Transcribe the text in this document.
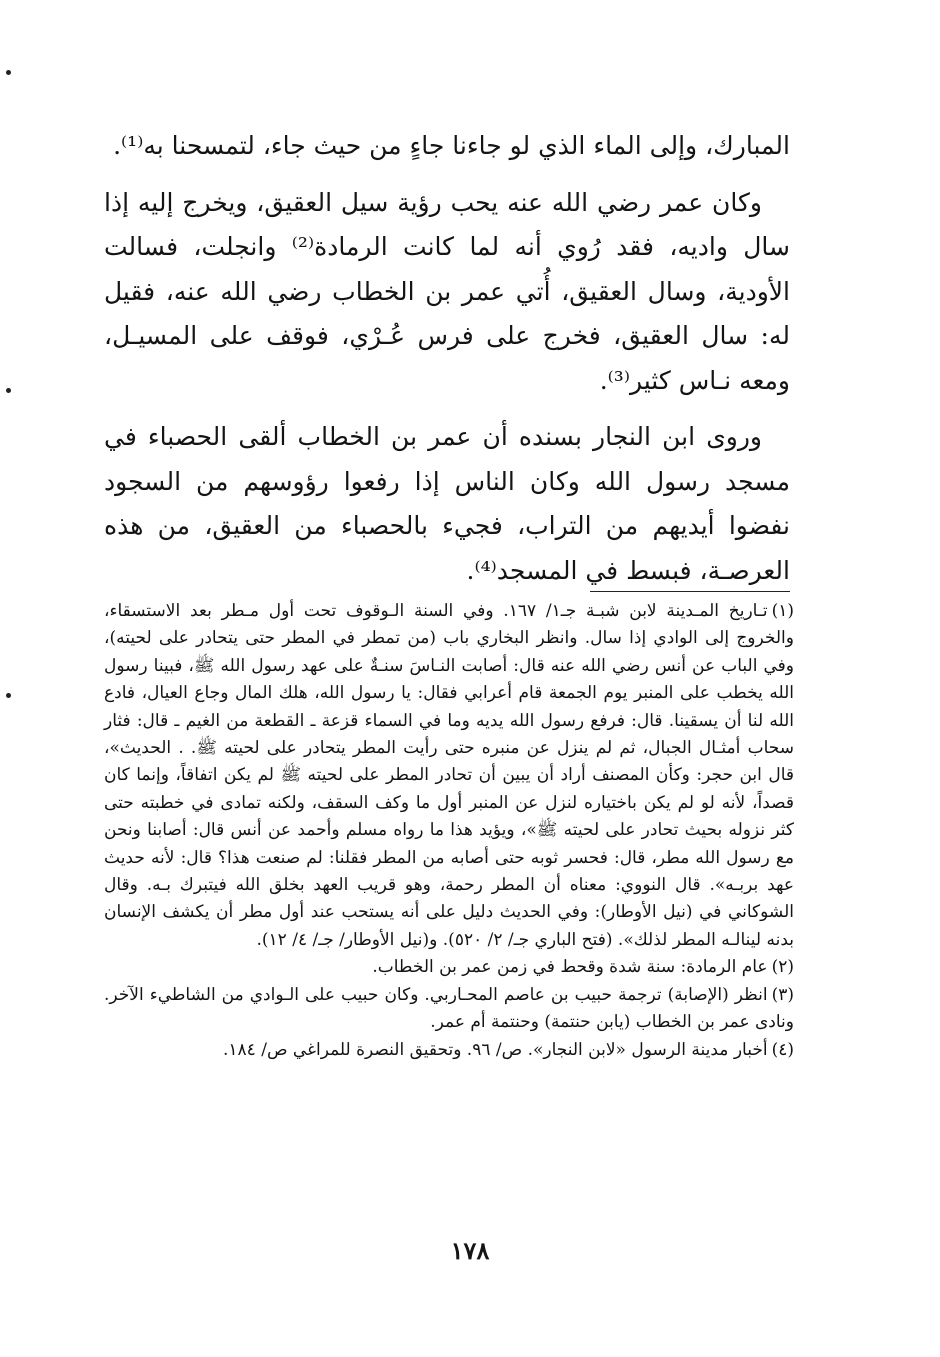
المبارك، وإلى الماء الذي لو جاءنا جاءٍ من حيث جاء، لتمسحنا به⁽¹⁾.

وكان عمر رضي الله عنه يحب رؤية سيل العقيق، ويخرج إليه إذا سال واديه، فقد رُوي أنه لما كانت الرمادة⁽²⁾ وانجلت، فسالت الأودية، وسال العقيق، أُتي عمر بن الخطاب رضي الله عنه، فقيل له: سال العقيق، فخرج على فرس عُـرْي، فوقف على المسيـل، ومعه نـاس كثير⁽³⁾.

وروى ابن النجار بسنده أن عمر بن الخطاب ألقى الحصباء في مسجد رسول الله وكان الناس إذا رفعوا رؤوسهم من السجود نفضوا أيديهم من التراب، فجيء بالحصباء من العقيق، من هذه العرصـة، فبسط في المسجد⁽⁴⁾.

(١)تـاريخ المـدينة لابن شبـة جـ١/ ١٦٧. وفي السنة الـوقوف تحت أول مـطر بعد الاستسقاء، والخروج إلى الوادي إذا سال. وانظر البخاري باب (من تمطر في المطر حتى يتحادر على لحيته)، وفي الباب عن أنس رضي الله عنه قال: أصابت النـاسَ سنـةٌ على عهد رسول الله ﷺ، فبينا رسول الله يخطب على المنبر يوم الجمعة قام أعرابي فقال: يا رسول الله، هلك المال وجاع العيال، فادع الله لنا أن يسقينا. قال: فرفع رسول الله يديه وما في السماء قزعة ـ القطعة من الغيم ـ قال: فثار سحاب أمثـال الجبال، ثم لم ينزل عن منبره حتى رأيت المطر يتحادر على لحيته ﷺ. . الحديث»، قال ابن حجر: وكأن المصنف أراد أن يبين أن تحادر المطر على لحيته ﷺ لم يكن اتفاقاً، وإنما كان قصداً، لأنه لو لم يكن باختياره لنزل عن المنبر أول ما وكف السقف، ولكنه تمادى في خطبته حتى كثر نزوله بحيث تحادر على لحيته ﷺ»، ويؤيد هذا ما رواه مسلم وأحمد عن أنس قال: أصابنا ونحن مع رسول الله مطر، قال: فحسر ثوبه حتى أصابه من المطر فقلنا: لم صنعت هذا؟ قال: لأنه حديث عهد بربـه». قال النووي: معناه أن المطر رحمة، وهو قريب العهد بخلق الله فيتبرك بـه. وقال الشوكاني في (نيل الأوطار): وفي الحديث دليل على أنه يستحب عند أول مطر أن يكشف الإنسان بدنه لينالـه المطر لذلك». (فتح الباري جـ/ ٢/ ٥٢٠). و(نيل الأوطار/ جـ/ ٤/ ١٢).

(٢)عام الرمادة: سنة شدة وقحط في زمن عمر بن الخطاب.

(٣)انظر (الإصابة) ترجمة حبيب بن عاصم المحـاربي. وكان حبيب على الـوادي من الشاطيء الآخر. ونادى عمر بن الخطاب (يابن حنتمة) وحنتمة أم عمر.

(٤)أخبار مدينة الرسول «لابن النجار». ص/ ٩٦. وتحقيق النصرة للمراغي ص/ ١٨٤.

١٧٨
